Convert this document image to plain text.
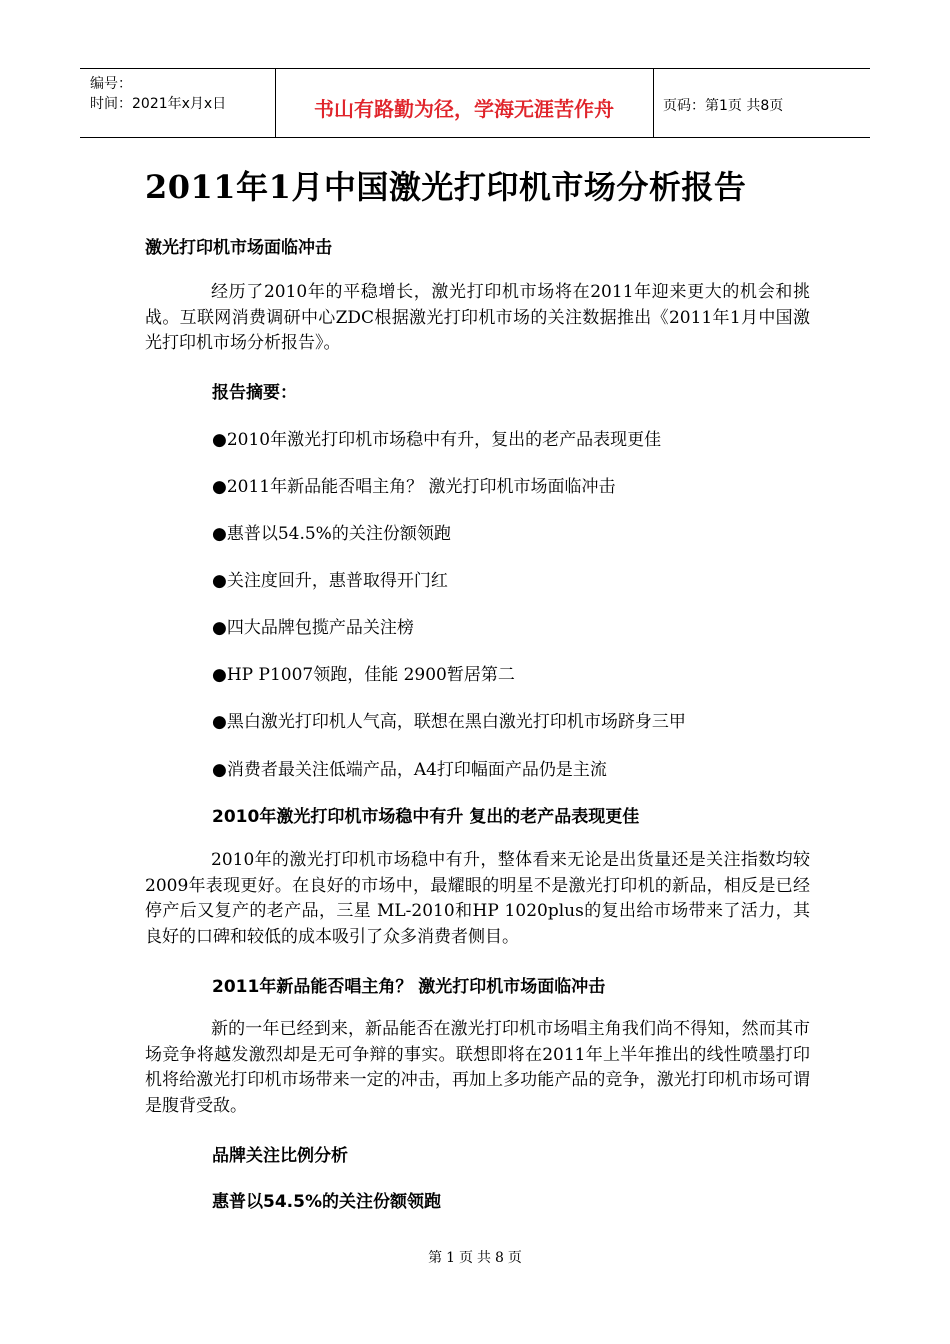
编号：
时间：2021年x月x日	书山有路勤为径，学海无涯苦作舟	页码：第1页 共8页
2011年1月中国激光打印机市场分析报告
激光打印机市场面临冲击
经历了2010年的平稳增长，激光打印机市场将在2011年迎来更大的机会和挑战。互联网消费调研中心ZDC根据激光打印机市场的关注数据推出《2011年1月中国激光打印机市场分析报告》。
报告摘要：
●2010年激光打印机市场稳中有升，复出的老产品表现更佳
●2011年新品能否唱主角？ 激光打印机市场面临冲击
●惠普以54.5%的关注份额领跑
●关注度回升，惠普取得开门红
●四大品牌包揽产品关注榜
●HP P1007领跑，佳能 2900暂居第二
●黑白激光打印机人气高，联想在黑白激光打印机市场跻身三甲
●消费者最关注低端产品，A4打印幅面产品仍是主流
2010年激光打印机市场稳中有升 复出的老产品表现更佳
2010年的激光打印机市场稳中有升，整体看来无论是出货量还是关注指数均较2009年表现更好。在良好的市场中，最耀眼的明星不是激光打印机的新品，相反是已经停产后又复产的老产品，三星 ML-2010和HP 1020plus的复出给市场带来了活力，其良好的口碑和较低的成本吸引了众多消费者侧目。
2011年新品能否唱主角？ 激光打印机市场面临冲击
新的一年已经到来，新品能否在激光打印机市场唱主角我们尚不得知，然而其市场竞争将越发激烈却是无可争辩的事实。联想即将在2011年上半年推出的线性喷墨打印机将给激光打印机市场带来一定的冲击，再加上多功能产品的竞争，激光打印机市场可谓是腹背受敌。
品牌关注比例分析
惠普以54.5%的关注份额领跑
第 1 页 共 8 页
